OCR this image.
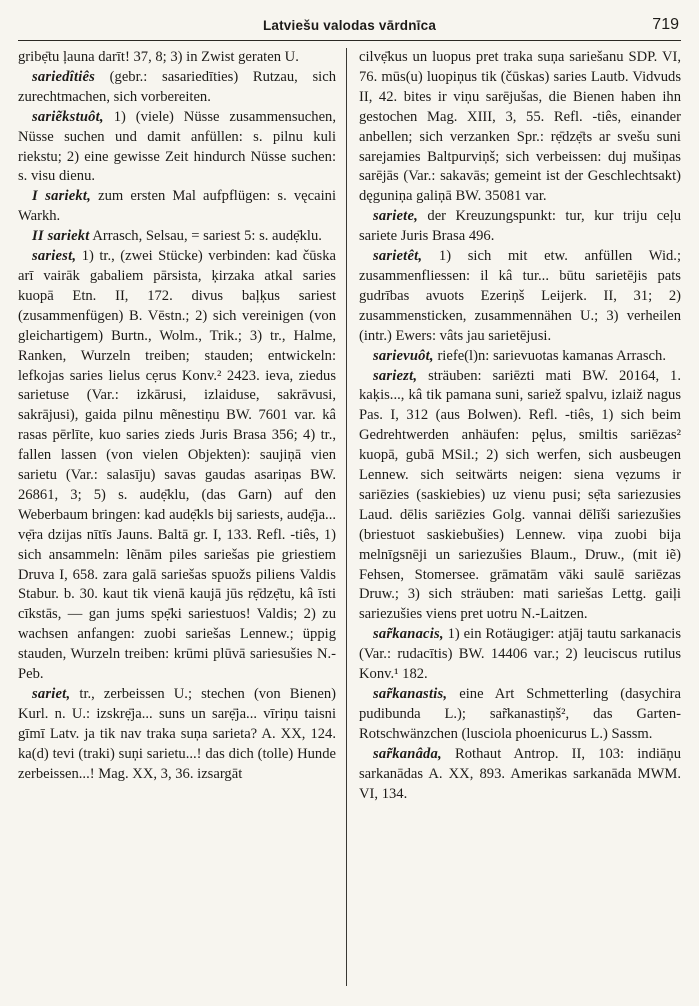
Latviešu valodas vārdnīca	719

gribẹ̄tu ļauna darīt! 37, 8; 3) in Zwist geraten U.

sariedîtiês (gebr.: sasariedīties) Rutzau, sich zurechtmachen, sich vorbereiten.

sariẽkstuôt, 1) (viele) Nüsse zusammensuchen, Nüsse suchen und damit anfüllen: s. pilnu kuli riekstu; 2) eine gewisse Zeit hindurch Nüsse suchen: s. visu dienu.

I sariekt, zum ersten Mal aufpflügen: s. vęcaini Warkh.

II sariekt Arrasch, Selsau, = sariest 5: s. audẹ̄klu.

sariest, 1) tr., (zwei Stücke) verbinden: kad čūska arī vairāk gabaliem pārsista, ķirzaka atkal saries kuopā Etn. II, 172. divus baļķus sariest (zusammenfügen) B. Vēstn.; 2) sich vereinigen (von gleichartigem) Burtn., Wolm., Trik.; 3) tr., Halme, Ranken, Wurzeln treiben; stauden; entwickeln: lefkojas saries lielus cẹrus Konv.² 2423. ieva, ziedus sarietuse (Var.: izkārusi, izlaiduse, sakrāvusi, sakrājusi), gaida pilnu mẽnestiņu BW. 7601 var. kâ rasas pērlīte, kuo saries zieds Juris Brasa 356; 4) tr., fallen lassen (von vielen Objekten): saujiņā vien sarietu (Var.: salasīju) savas gaudas asariņas BW. 26861, 3; 5) s. audẹ̄klu, (das Garn) auf den Weberbaum bringen: kad audẹ̄kls bij sariests, audẹ̄ja... vẹ̄ra dzijas nītīs Jauns. Baltā gr. I, 133. Refl. -tiês, 1) sich ansammeln: lẽnām piles sariešas pie griestiem Druva I, 658. zara galā sariešas spuožs piliens Valdis Stabur. b. 30. kaut tik vienā kaujā jūs rẹ̄dzẹ̄tu, kâ īsti cīkstās, — gan jums spẹ̄ki sariestuos! Valdis; 2) zu wachsen anfangen: zuobi sariešas Lennew.; üppig stauden, Wurzeln treiben: krūmi plūvā sariesušies N.-Peb.

sariet, tr., zerbeissen U.; stechen (von Bienen) Kurl. n. U.: izskrẹ̄ja... suns un sarẹ̄ja... vīriņu taisni gīmī Latv. ja tik nav traka suņa sarieta? A. XX, 124. ka(d) tevi (traki) suņi sarietu...! das dich (tolle) Hunde zerbeissen...! Mag. XX, 3, 36. izsargāt

cilvẹ̄kus un luopus pret traka suņa sariešanu SDP. VI, 76. mūs(u) luopiņus tik (čūskas) saries Lautb. Vidvuds II, 42. bites ir viņu sarējušas, die Bienen haben ihn gestochen Mag. XIII, 3, 55. Refl. -tiês, einander anbellen; sich verzanken Spr.: rẹ̄dzẹ̄ts ar svešu suni sarejamies Baltpurviņš; sich verbeissen: duj mušiņas sarējās (Var.: sakavās; gemeint ist der Geschlechtsakt) dęguniņa galiņā BW. 35081 var.

sariete, der Kreuzungspunkt: tur, kur triju ceļu sariete Juris Brasa 496.

sarietêt, 1) sich mit etw. anfüllen Wid.; zusammenfliessen: il kâ tur... būtu sarietējis pats gudrības avuots Ezeriņš Leijerk. II, 31; 2) zusammensticken, zusammennähen U.; 3) verheilen (intr.) Ewers: vâts jau sarietējusi.

sarievuôt, riefe(l)n: sarievuotas kamanas Arrasch.

sariezt, sträuben: sariēzti mati BW. 20164, 1. kaķis..., kâ tik pamana suni, sariež spalvu, izlaiž nagus Pas. I, 312 (aus Bolwen). Refl. -tiês, 1) sich beim Gedrehtwerden anhäufen: pęlus, smiltis sariēzas² kuopā, gubā MSil.; 2) sich werfen, sich ausbeugen Lennew. sich seitwärts neigen: siena vẹzums ir sariēzies (saskiebies) uz vienu pusi; sẹ̄ta sariezusies Laud. dēlis sariēzies Golg. vannai dēlīši sariezušies (briestuot saskiebušies) Lennew. viņa zuobi bija melnīgsnēji un sariezušies Blaum., Druw., (mit iẽ) Fehsen, Stomersee. grāmatām vāki saulē sariēzas Druw.; 3) sich sträuben: mati sariešas Lettg. gaiļi sariezušies viens pret uotru N.-Laitzen.

sar̃kanacis, 1) ein Rotäugiger: atjāj tautu sarkanacis (Var.: rudacītis) BW. 14406 var.; 2) leuciscus rutilus Konv.¹ 182.

sar̃kanastis, eine Art Schmetterling (dasychira pudibunda L.); sar̃kanastiņš², das Garten-Rotschwänzchen (lusciola phoenicurus L.) Sassm.

sar̃kanâda, Rothaut Antrop. II, 103: indiāņu sarkanādas A. XX, 893. Amerikas sarkanāda MWM. VI, 134.
